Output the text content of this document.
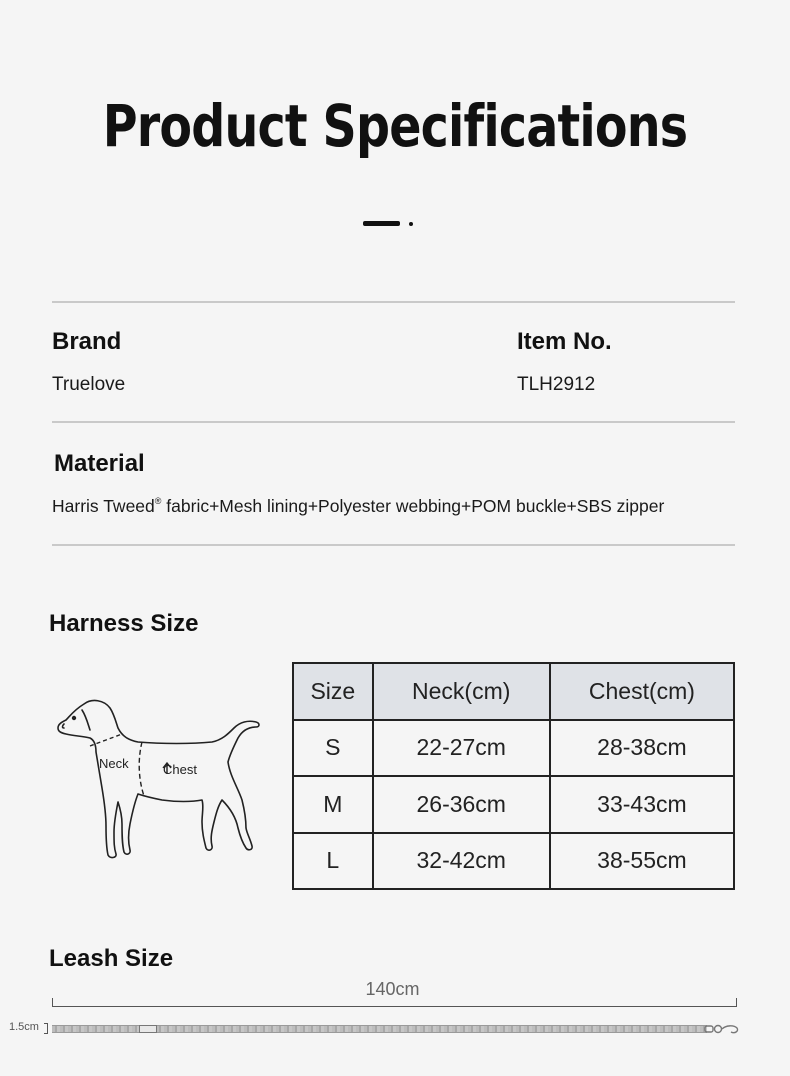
Product Specifications
Brand
Truelove
Item No.
TLH2912
Material
Harris Tweed® fabric+Mesh lining+Polyester webbing+POM buckle+SBS zipper
Harness Size
Neck	Chest
Size	Neck(cm)	Chest(cm)
S	22-27cm	28-38cm
M	26-36cm	33-43cm
L	32-42cm	38-55cm
Leash Size
140cm
1.5cm
